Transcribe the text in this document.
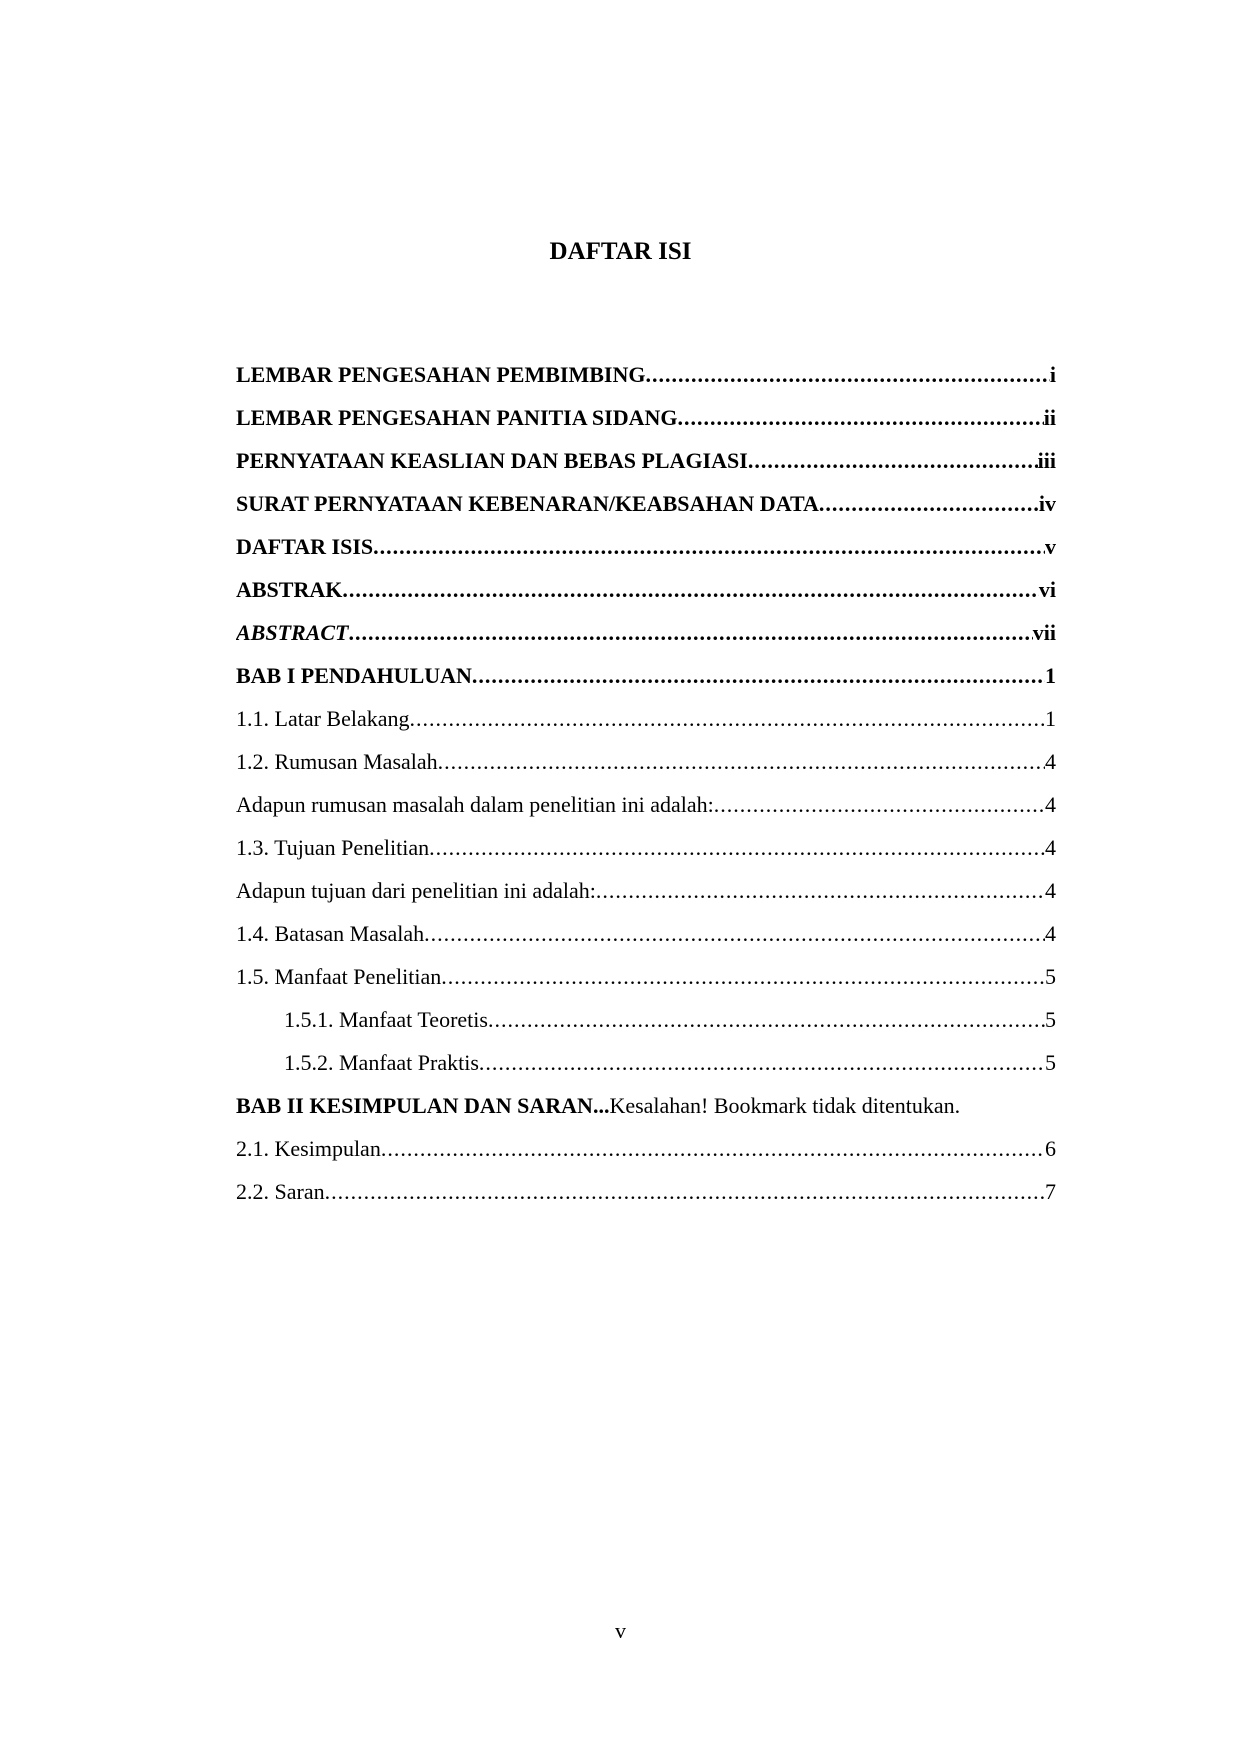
DAFTAR ISI
LEMBAR PENGESAHAN PEMBIMBING .....	i
LEMBAR PENGESAHAN PANITIA SIDANG .....	ii
PERNYATAAN KEASLIAN DAN BEBAS PLAGIASI .....	iii
SURAT PERNYATAAN KEBENARAN/KEABSAHAN DATA .....	iv
DAFTAR ISIS .....	v
ABSTRAK .....	vi
ABSTRACT .....	vii
BAB I PENDAHULUAN .....	1
1.1. Latar Belakang .....	1
1.2. Rumusan Masalah .....	4
Adapun rumusan masalah dalam penelitian ini adalah: .....	4
1.3. Tujuan Penelitian .....	4
Adapun tujuan dari penelitian ini adalah: .....	4
1.4. Batasan Masalah .....	4
1.5. Manfaat Penelitian .....	5
1.5.1. Manfaat Teoretis .....	5
1.5.2. Manfaat Praktis .....	5
BAB II KESIMPULAN DAN SARAN ... Kesalahan! Bookmark tidak ditentukan.
2.1. Kesimpulan .....	6
2.2. Saran .....	7
v
